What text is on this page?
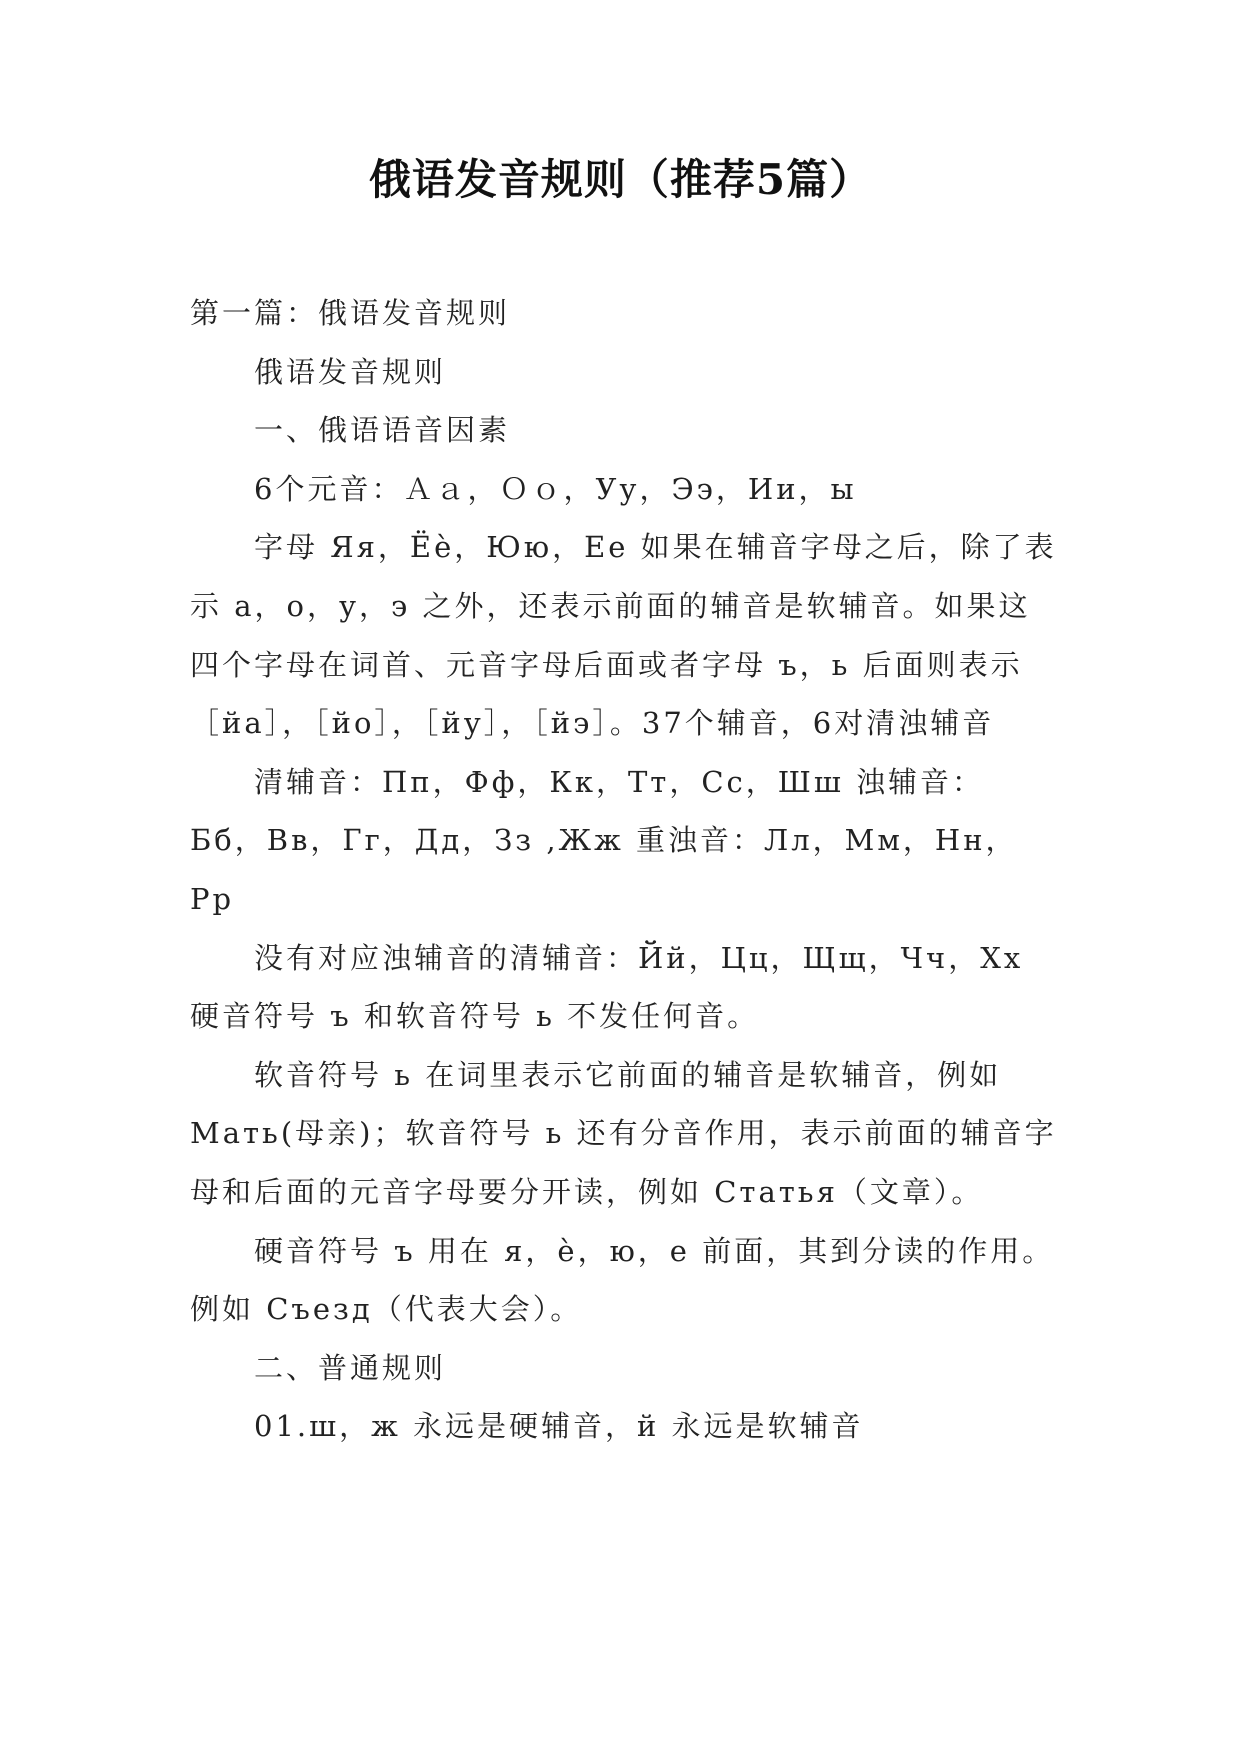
俄语发音规则（推荐5篇）

第一篇：俄语发音规则

俄语发音规则

一、俄语语音因素

6个元音：Ａａ，Ｏｏ，Уу，Ээ，Ии，ы

字母 Яя，Ёè，Юю，Ее 如果在辅音字母之后，除了表示 а，о，у，э 之外，还表示前面的辅音是软辅音。如果这四个字母在词首、元音字母后面或者字母 ъ，ь 后面则表示［йа］，［йо］，［йу］，［йэ］。37个辅音，6对清浊辅音

清辅音：Пп，Фф，Кк，Тт，Сс，Шш 浊辅音：Бб，Вв，Гг，Дд，Зз ,Жж 重浊音：Лл，Мм，Нн，Рр

没有对应浊辅音的清辅音：Йй，Цц，Щщ，Чч，Хх 硬音符号 ъ 和软音符号 ь 不发任何音。

软音符号 ь 在词里表示它前面的辅音是软辅音，例如 Мать(母亲)；软音符号 ь 还有分音作用，表示前面的辅音字母和后面的元音字母要分开读，例如 Статья（文章）。

硬音符号 ъ 用在 я，è，ю，е 前面，其到分读的作用。例如 Съезд（代表大会）。

二、普通规则

01.ш，ж 永远是硬辅音，й 永远是软辅音
